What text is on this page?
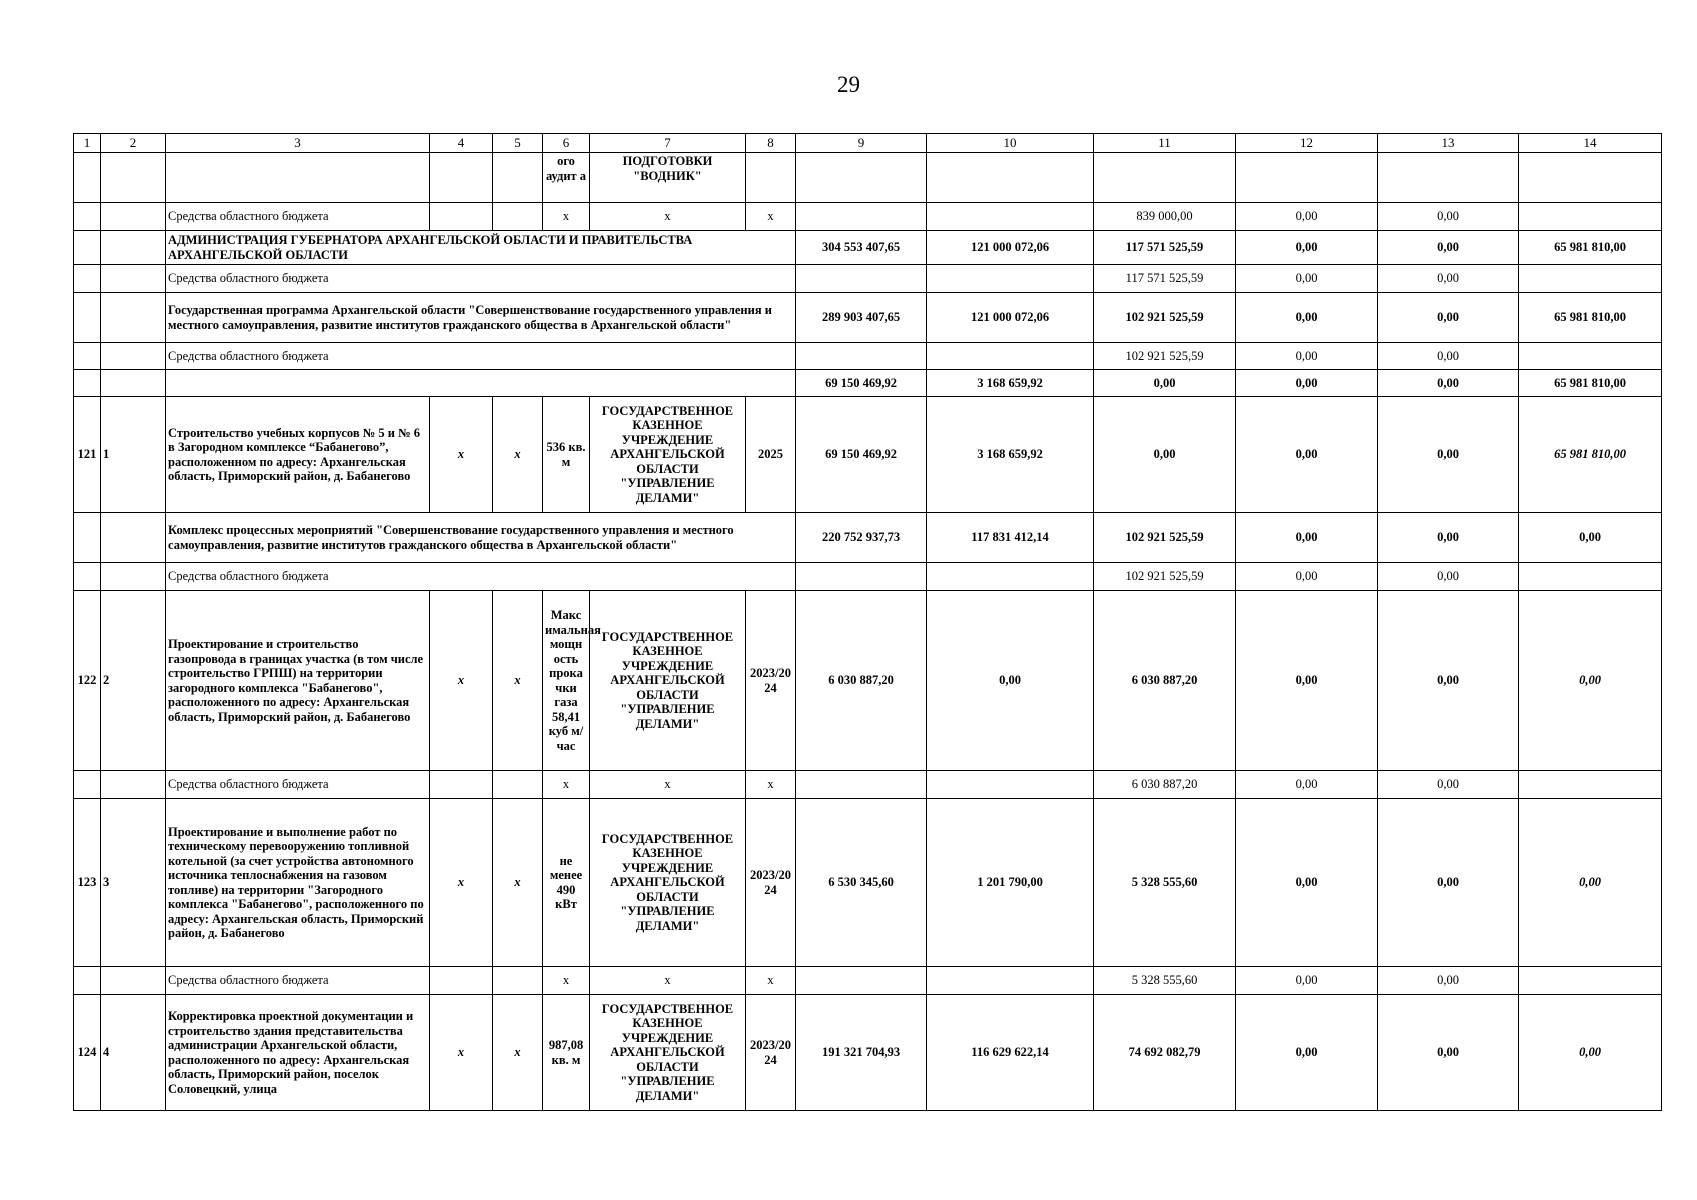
29
1	2	3	4	5	6	7	8	9	10	11	12	13	14
					ого аудит а	ПОДГОТОВКИ "ВОДНИК"							
		Средства областного бюджета			х	х	х			839 000,00	0,00	0,00	
		АДМИНИСТРАЦИЯ ГУБЕРНАТОРА АРХАНГЕЛЬСКОЙ ОБЛАСТИ И ПРАВИТЕЛЬСТВА АРХАНГЕЛЬСКОЙ ОБЛАСТИ						304 553 407,65	121 000 072,06	117 571 525,59	0,00	0,00	65 981 810,00
		Средства областного бюджета								117 571 525,59	0,00	0,00	
		Государственная программа Архангельской области "Совершенствование государственного управления и местного самоуправления, развитие институтов гражданского общества в Архангельской области"						289 903 407,65	121 000 072,06	102 921 525,59	0,00	0,00	65 981 810,00
		Средства областного бюджета								102 921 525,59	0,00	0,00	
								69 150 469,92	3 168 659,92	0,00	0,00	0,00	65 981 810,00
121	1	Строительство учебных корпусов № 5 и № 6 в Загородном комплексе “Бабанегово”, расположенном по адресу: Архангельская область, Приморский район, д. Бабанегово	х	х	536 кв. м	ГОСУДАРСТВЕННОЕ КАЗЕННОЕ УЧРЕЖДЕНИЕ АРХАНГЕЛЬСКОЙ ОБЛАСТИ "УПРАВЛЕНИЕ ДЕЛАМИ"	2025	69 150 469,92	3 168 659,92	0,00	0,00	0,00	65 981 810,00
		Комплекс процессных мероприятий "Совершенствование государственного управления и местного самоуправления, развитие институтов гражданского общества в Архангельской области"						220 752 937,73	117 831 412,14	102 921 525,59	0,00	0,00	0,00
		Средства областного бюджета								102 921 525,59	0,00	0,00	
122	2	Проектирование и строительство газопровода в границах участка (в том числе строительство ГРПШ) на территории загородного комплекса "Бабанегово", расположенного по адресу: Архангельская область, Приморский район, д. Бабанегово	х	х	Макс имальная мощн ость прока чки газа 58,41 куб м/час	ГОСУДАРСТВЕННОЕ КАЗЕННОЕ УЧРЕЖДЕНИЕ АРХАНГЕЛЬСКОЙ ОБЛАСТИ "УПРАВЛЕНИЕ ДЕЛАМИ"	2023/20 24	6 030 887,20	0,00	6 030 887,20	0,00	0,00	0,00
		Средства областного бюджета			х	х	х			6 030 887,20	0,00	0,00	
123	3	Проектирование и выполнение работ по техническому перевооружению топливной котельной (за счет устройства автономного источника теплоснабжения на газовом топливе) на территории "Загородного комплекса "Бабанегово", расположенного по адресу: Архангельская область, Приморский район, д. Бабанегово	х	х	не менее 490 кВт	ГОСУДАРСТВЕННОЕ КАЗЕННОЕ УЧРЕЖДЕНИЕ АРХАНГЕЛЬСКОЙ ОБЛАСТИ "УПРАВЛЕНИЕ ДЕЛАМИ"	2023/20 24	6 530 345,60	1 201 790,00	5 328 555,60	0,00	0,00	0,00
		Средства областного бюджета			х	х	х			5 328 555,60	0,00	0,00	
124	4	Корректировка проектной документации и строительство здания представительства администрации Архангельской области, расположенного по адресу: Архангельская область, Приморский район, поселок Соловецкий, улица	х	х	987,08 кв. м	ГОСУДАРСТВЕННОЕ КАЗЕННОЕ УЧРЕЖДЕНИЕ АРХАНГЕЛЬСКОЙ ОБЛАСТИ "УПРАВЛЕНИЕ ДЕЛАМИ"	2023/20 24	191 321 704,93	116 629 622,14	74 692 082,79	0,00	0,00	0,00
